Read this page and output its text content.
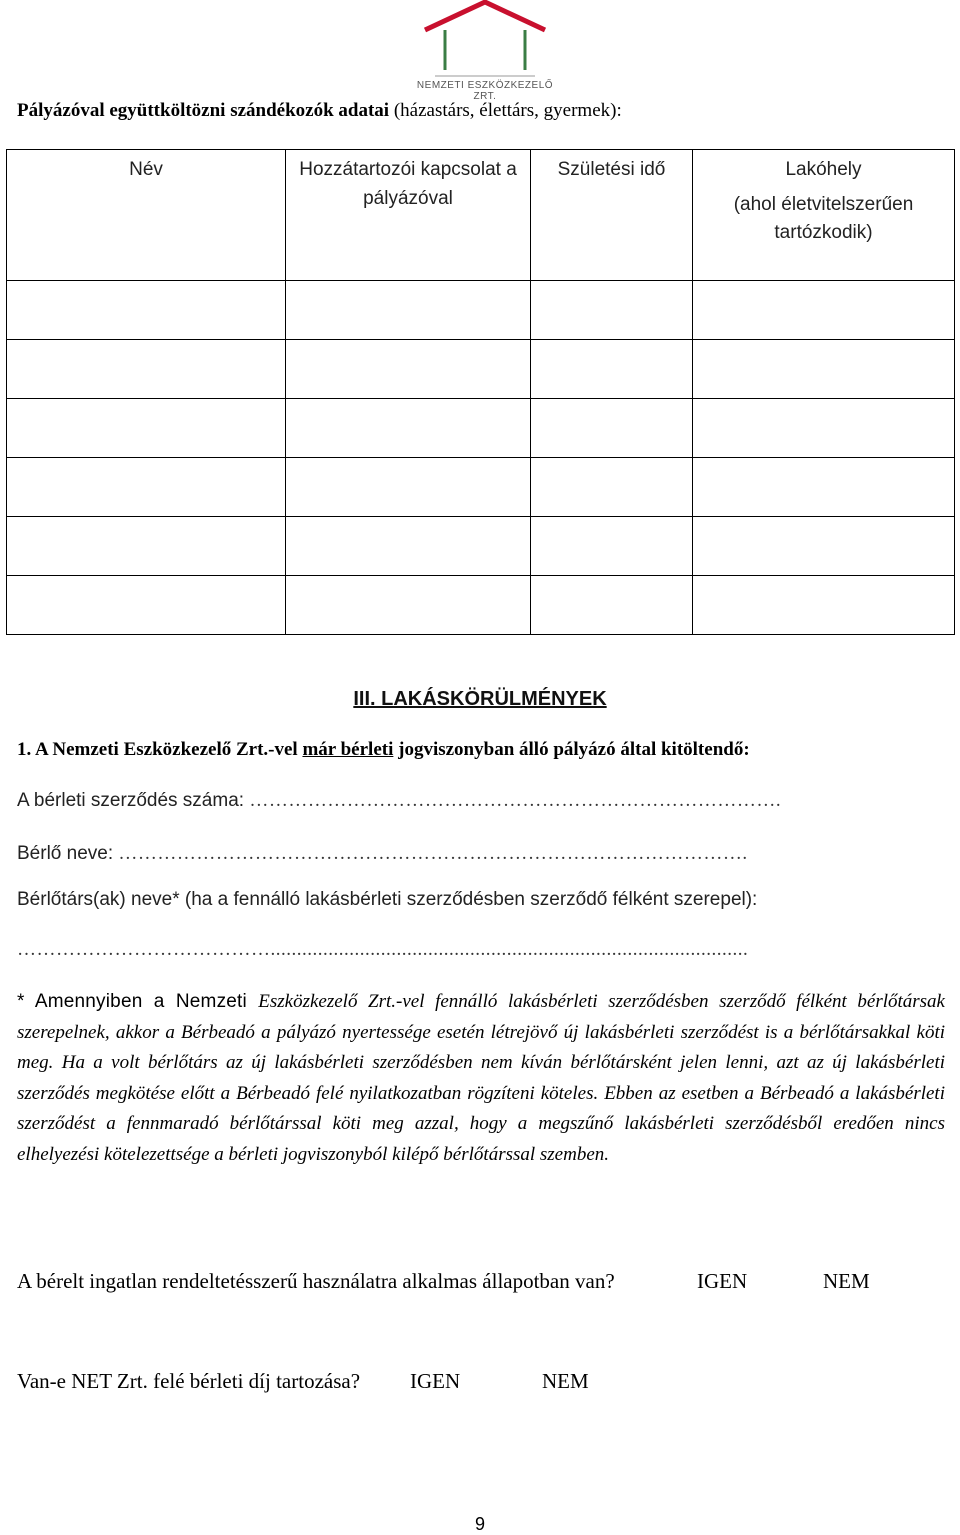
NEMZETI ESZKÖZKEZELŐ ZRT.
Pályázóval együttköltözni szándékozók adatai (házastárs, élettárs, gyermek):
Név	Hozzátartozói kapcsolat a pályázóval	Születési idő	Lakóhely
(ahol életvitelszerűen tartózkodik)

III. LAKÁSKÖRÜLMÉNYEK
1. A Nemzeti Eszközkezelő Zrt.-vel már bérleti jogviszonyban álló pályázó által kitöltendő:
A bérleti szerződés száma: ……………………………………………………………………….
Bérlő neve: …………………………………………………………………………………….
Bérlőtárs(ak) neve* (ha a fennálló lakásbérleti szerződésben szerződő félként szerepel):
…………………………………...........................................................................................
* Amennyiben a Nemzeti Eszközkezelő Zrt.-vel fennálló lakásbérleti szerződésben szerződő félként bérlőtársak szerepelnek, akkor a Bérbeadó a pályázó nyertessége esetén létrejövő új lakásbérleti szerződést is a bérlőtársakkal köti meg. Ha a volt bérlőtárs az új lakásbérleti szerződésben nem kíván bérlőtársként jelen lenni, azt az új lakásbérleti szerződés megkötése előtt a Bérbeadó felé nyilatkozatban rögzíteni köteles. Ebben az esetben a Bérbeadó a lakásbérleti szerződést a fennmaradó bérlőtárssal köti meg azzal, hogy a megszűnő lakásbérleti szerződésből eredően nincs elhelyezési kötelezettsége a bérleti jogviszonyból kilépő bérlőtárssal szemben.
A bérelt ingatlan rendeltetésszerű használatra alkalmas állapotban van?	IGEN	NEM
Van-e NET Zrt. felé bérleti díj tartozása? IGEN	NEM
9
